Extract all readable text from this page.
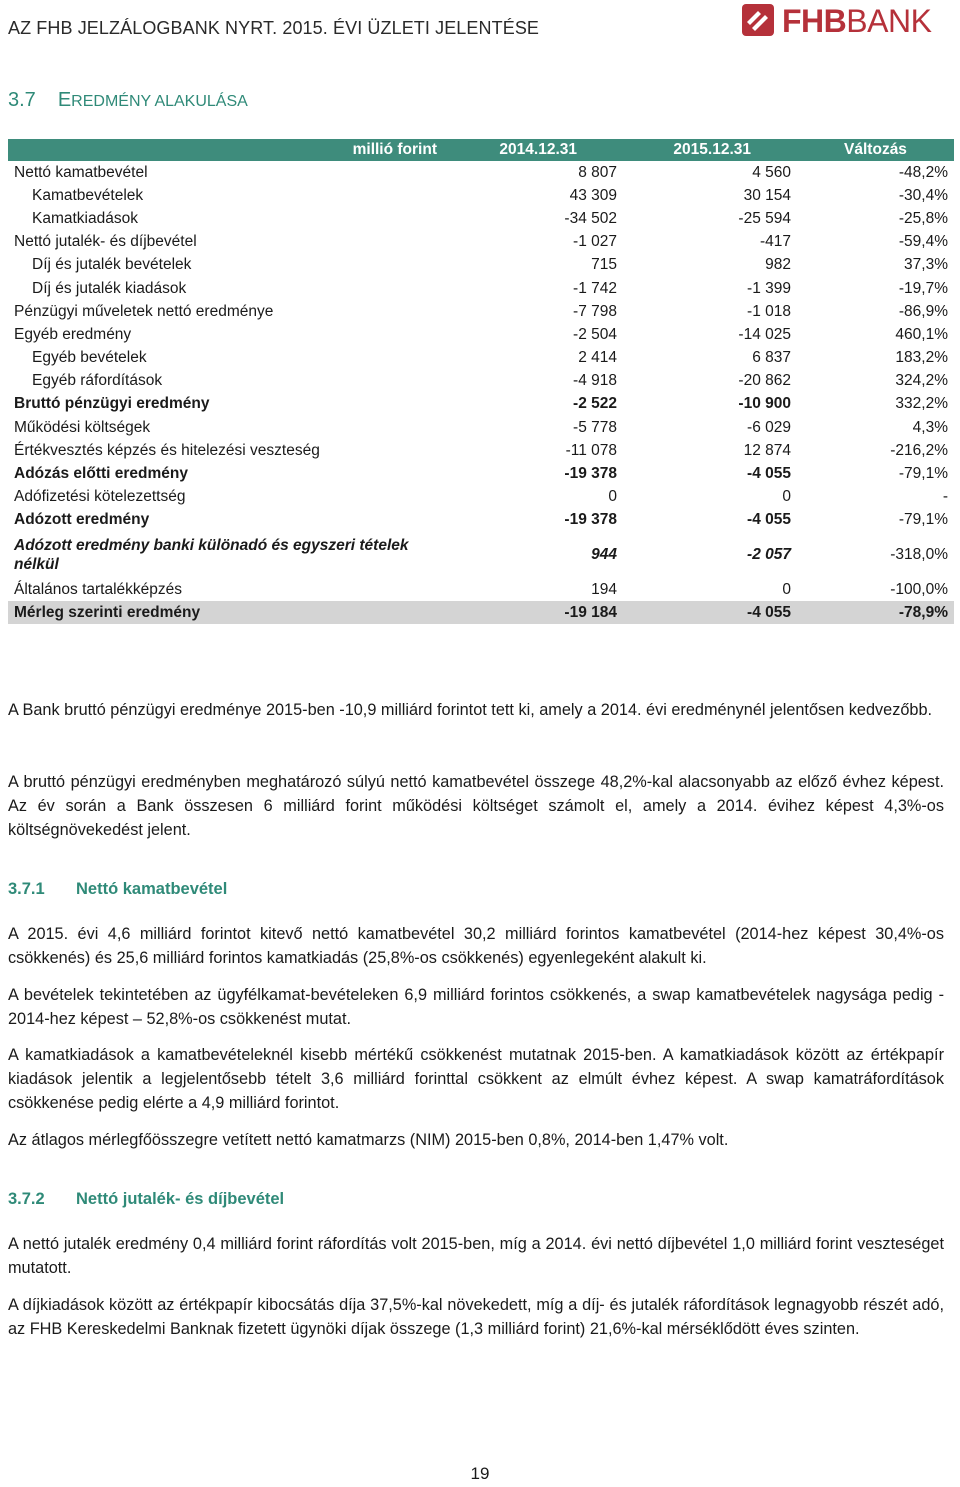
AZ FHB JELZÁLOGBANK NYRT. 2015. ÉVI ÜZLETI JELENTÉSE	FHBBANK
3.7 EREDMÉNY ALAKULÁSA
millió forint	2014.12.31	2015.12.31	Változás
Nettó kamatbevétel	8 807	4 560	-48,2%
Kamatbevételek	43 309	30 154	-30,4%
Kamatkiadások	-34 502	-25 594	-25,8%
Nettó jutalék- és díjbevétel	-1 027	-417	-59,4%
Díj és jutalék bevételek	715	982	37,3%
Díj és jutalék kiadások	-1 742	-1 399	-19,7%
Pénzügyi műveletek nettó eredménye	-7 798	-1 018	-86,9%
Egyéb eredmény	-2 504	-14 025	460,1%
Egyéb bevételek	2 414	6 837	183,2%
Egyéb ráfordítások	-4 918	-20 862	324,2%
Bruttó pénzügyi eredmény	-2 522	-10 900	332,2%
Működési költségek	-5 778	-6 029	4,3%
Értékvesztés képzés és hitelezési veszteség	-11 078	12 874	-216,2%
Adózás előtti eredmény	-19 378	-4 055	-79,1%
Adófizetési kötelezettség	0	0	-
Adózott eredmény	-19 378	-4 055	-79,1%
Adózott eredmény banki különadó és egyszeri tételek nélkül	944	-2 057	-318,0%
Általános tartalékképzés	194	0	-100,0%
Mérleg szerinti eredmény	-19 184	-4 055	-78,9%
A Bank bruttó pénzügyi eredménye 2015-ben -10,9 milliárd forintot tett ki, amely a 2014. évi eredménynél jelentősen kedvezőbb.
A bruttó pénzügyi eredményben meghatározó súlyú nettó kamatbevétel összege 48,2%-kal alacsonyabb az előző évhez képest. Az év során a Bank összesen 6 milliárd forint működési költséget számolt el, amely a 2014. évihez képest 4,3%-os költségnövekedést jelent.
3.7.1 Nettó kamatbevétel
A 2015. évi 4,6 milliárd forintot kitevő nettó kamatbevétel 30,2 milliárd forintos kamatbevétel (2014-hez képest 30,4%-os csökkenés) és 25,6 milliárd forintos kamatkiadás (25,8%-os csökkenés) egyenlegeként alakult ki.
A bevételek tekintetében az ügyfélkamat-bevételeken 6,9 milliárd forintos csökkenés, a swap kamatbevételek nagysága pedig - 2014-hez képest – 52,8%-os csökkenést mutat.
A kamatkiadások a kamatbevételeknél kisebb mértékű csökkenést mutatnak 2015-ben. A kamatkiadások között az értékpapír kiadások jelentik a legjelentősebb tételt 3,6 milliárd forinttal csökkent az elmúlt évhez képest. A swap kamatráfordítások csökkenése pedig elérte a 4,9 milliárd forintot.
Az átlagos mérlegfőösszegre vetített nettó kamatmarzs (NIM) 2015-ben 0,8%, 2014-ben 1,47% volt.
3.7.2 Nettó jutalék- és díjbevétel
A nettó jutalék eredmény 0,4 milliárd forint ráfordítás volt 2015-ben, míg a 2014. évi nettó díjbevétel 1,0 milliárd forint veszteséget mutatott.
A díjkiadások között az értékpapír kibocsátás díja 37,5%-kal növekedett, míg a díj- és jutalék ráfordítások legnagyobb részét adó, az FHB Kereskedelmi Banknak fizetett ügynöki díjak összege (1,3 milliárd forint) 21,6%-kal mérséklődött éves szinten.
19
